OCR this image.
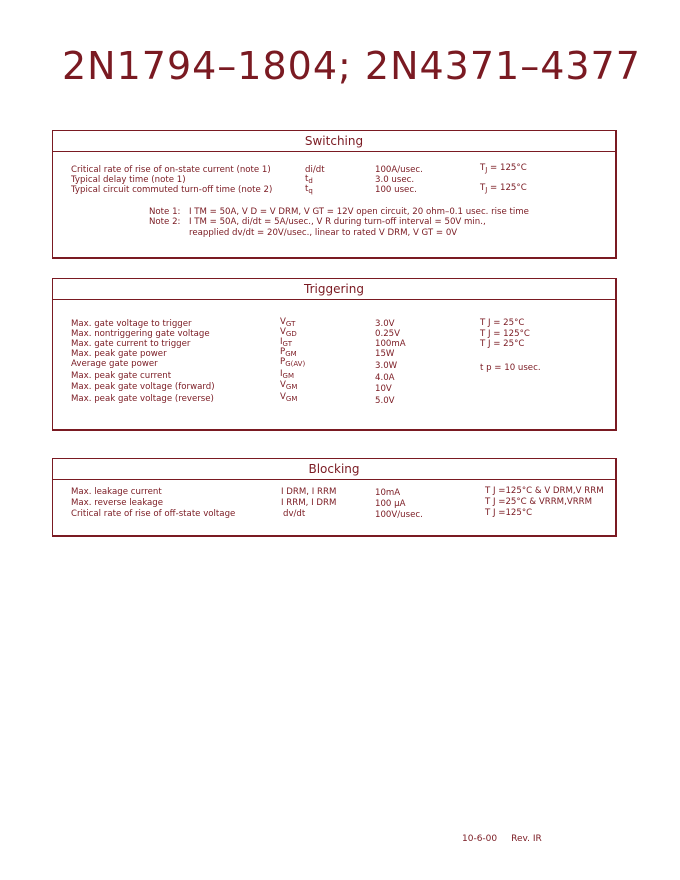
2N1794–1804; 2N4371–4377
Switching
Critical rate of rise of on-state current (note 1)	di/dt	100A/usec.	$T_J = 125^\circ C$
Typical delay time (note 1)	$t_d$	3.0 usec.
Typical circuit commuted turn-off time (note 2)	$t_q$	100 usec.	$T_J = 125^\circ C$
Note 1: I TM = 50A, V D = V DRM, V GT = 12V open circuit, 20 ohm–0.1 usec. rise time
Note 2: I TM = 50A, di/dt = 5A/usec., V R during turn-off interval = 50V min.,
reapplied dv/dt = 20V/usec., linear to rated V DRM, V GT = 0V
Triggering
Max. gate voltage to trigger	$V_{GT}$	3.0V	T J = 25°C
Max. nontriggering gate voltage	$V_{GD}$	0.25V	T J = 125°C
Max. gate current to trigger	$I_{GT}$	100mA	T J = 25°C
Max. peak gate power	$P_{GM}$	15W
Average gate power	$P_{G(AV)}$	3.0W	t p = 10 usec.
Max. peak gate current	$I_{GM}$	4.0A
Max. peak gate voltage (forward)	$V_{GM}$	10V
Max. peak gate voltage (reverse)	$V_{GM}$	5.0V
Blocking
Max. leakage current	I DRM, I RRM	10mA	T J =125°C & V DRM,V RRM
Max. reverse leakage	I RRM, I DRM	100 μA	T J =25°C & VRRM,VRRM
Critical rate of rise of off-state voltage	dv/dt	100V/usec.	T J =125°C
10-6-00 Rev. IR
